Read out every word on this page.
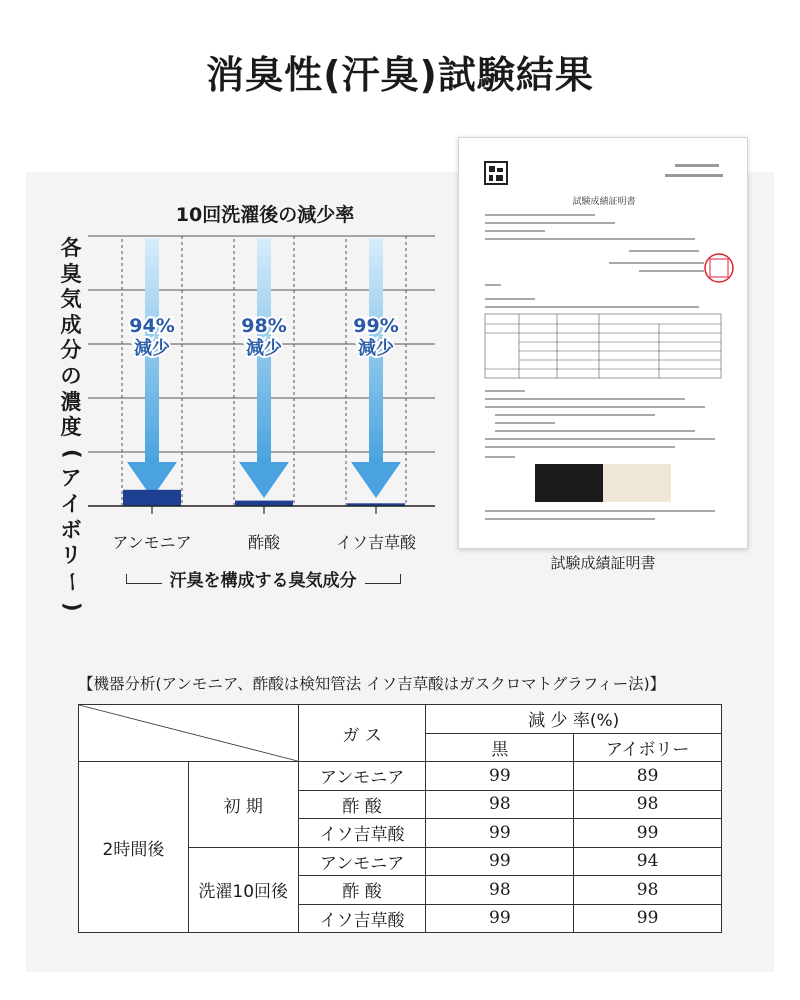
消臭性(汗臭)試験結果
10回洗濯後の減少率
各
臭
気
成
分
の
濃
度
(
ア
イ
ボ
リ
ー
)
94%
減少
98%
減少
99%
減少
アンモニア	酢酸	イソ吉草酸
汗臭を構成する臭気成分
試験成績証明書
試験成績証明書
【機器分析(アンモニア、酢酸は検知管法 イソ吉草酸はガスクロマトグラフィー法)】
	ガ ス	減 少 率(%)	
			黒	アイボリー
2時間後	初 期	アンモニア	99	89
		酢 酸	98	98
		イソ吉草酸	99	99
	洗濯10回後	アンモニア	99	94
		酢 酸	98	98
		イソ吉草酸	99	99
